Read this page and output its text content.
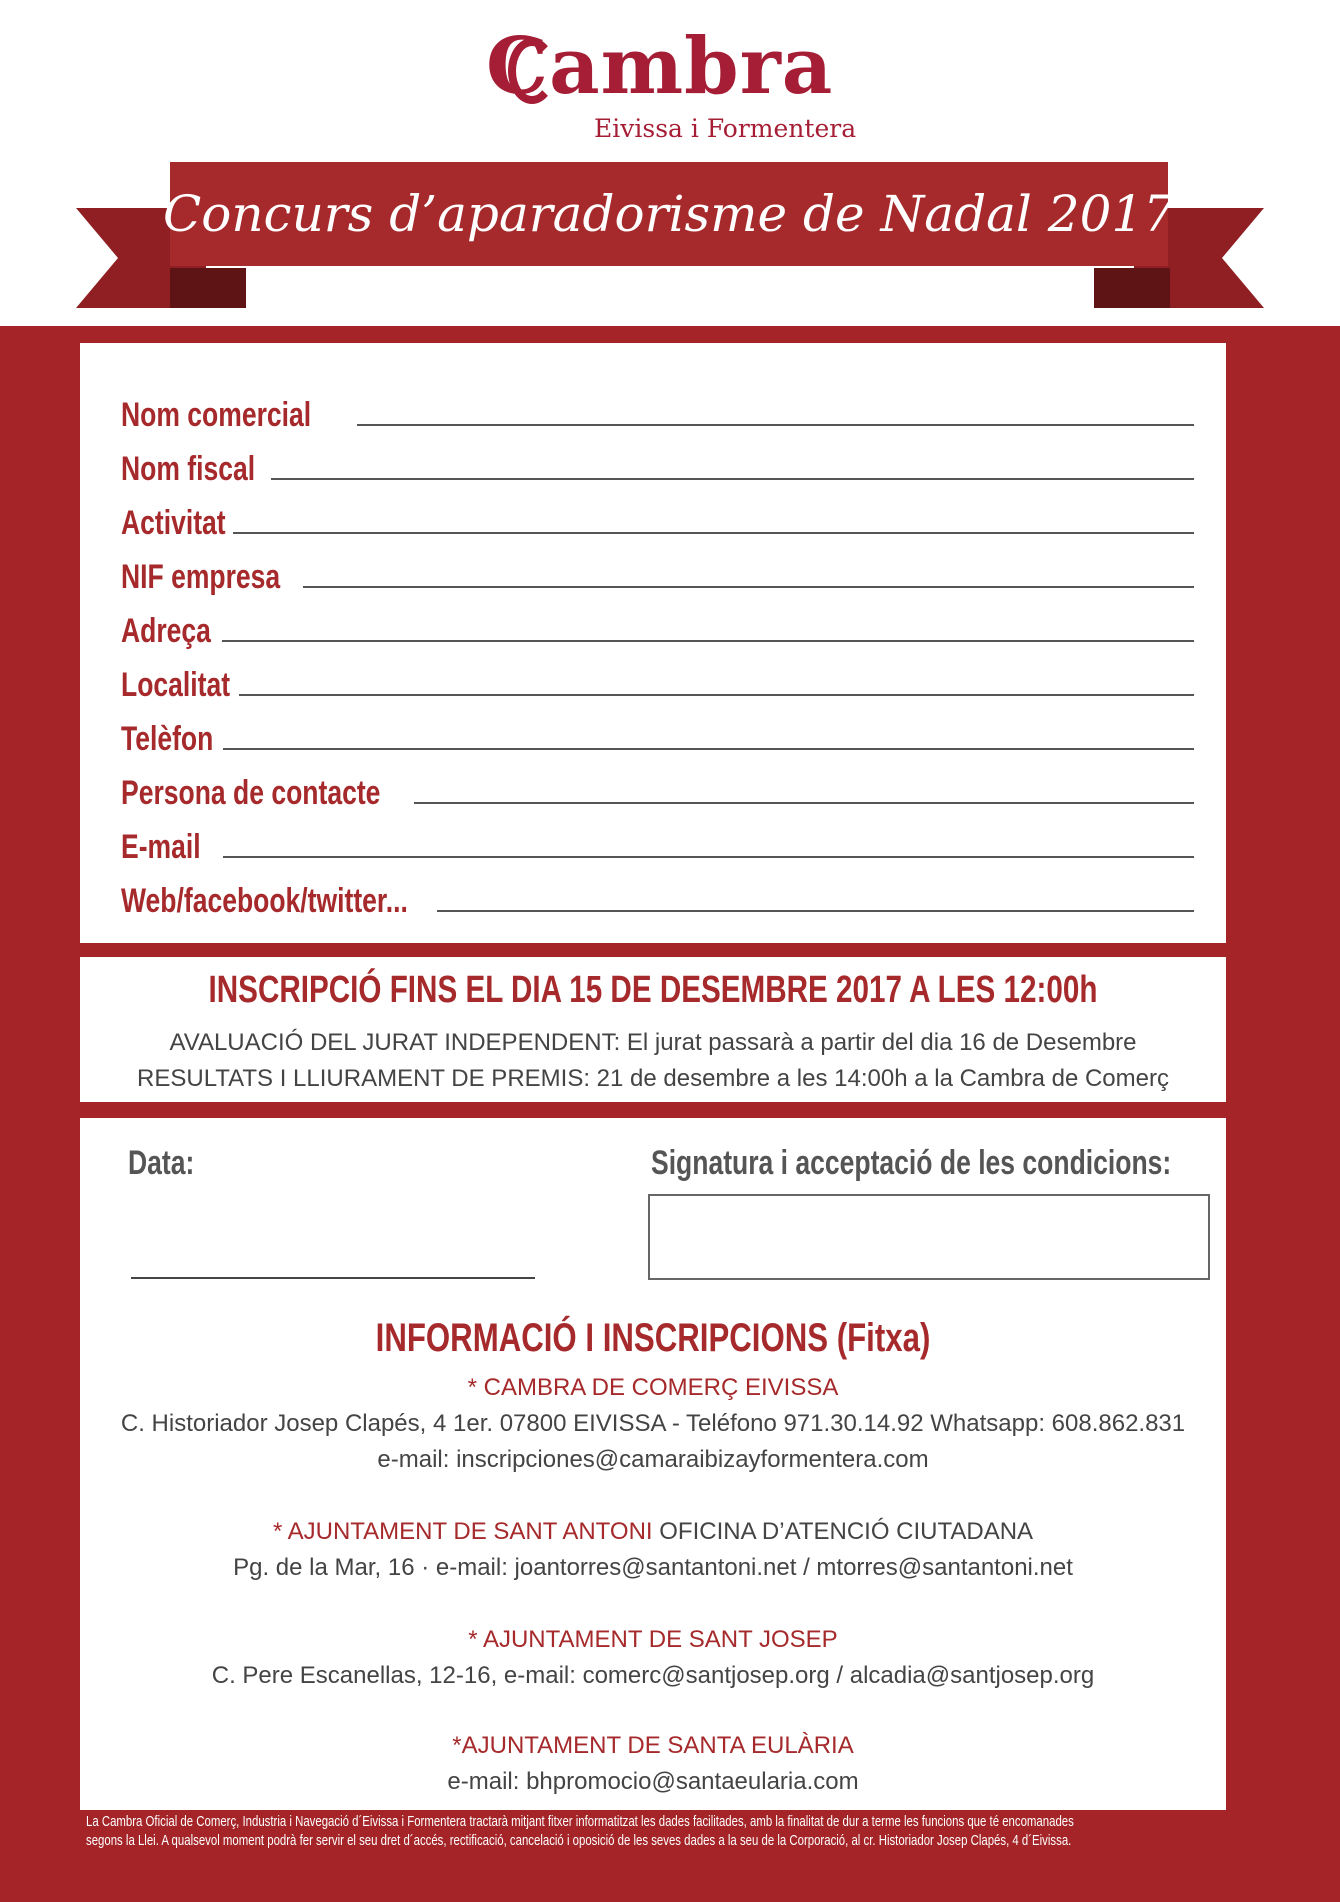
Cambra
Eivissa i Formentera
Concurs d’aparadorisme de Nadal 2017
Nom comercial
Nom fiscal
Activitat
NIF empresa
Adreça
Localitat
Telèfon
Persona de contacte
E-mail
Web/facebook/twitter...
INSCRIPCIÓ FINS EL DIA 15 DE DESEMBRE 2017 A LES 12:00h
AVALUACIÓ DEL JURAT INDEPENDENT: El jurat passarà a partir del dia 16 de Desembre
RESULTATS I LLIURAMENT DE PREMIS: 21 de desembre a les 14:00h a la Cambra de Comerç
Data:	Signatura i acceptació de les condicions:
INFORMACIÓ I INSCRIPCIONS (Fitxa)
* CAMBRA DE COMERÇ EIVISSA
C. Historiador Josep Clapés, 4 1er. 07800 EIVISSA - Teléfono 971.30.14.92 Whatsapp: 608.862.831
e-mail: inscripciones@camaraibizayformentera.com
* AJUNTAMENT DE SANT ANTONI OFICINA D’ATENCIÓ CIUTADANA
Pg. de la Mar, 16 · e-mail: joantorres@santantoni.net / mtorres@santantoni.net
* AJUNTAMENT DE SANT JOSEP
C. Pere Escanellas, 12-16, e-mail: comerc@santjosep.org / alcadia@santjosep.org
*AJUNTAMENT DE SANTA EULÀRIA
e-mail: bhpromocio@santaeularia.com
La Cambra Oficial de Comerç, Industria i Navegació d´Eivissa i Formentera tractarà mitjant fitxer informatitzat les dades facilitades, amb la finalitat de dur a terme les funcions que té encomanades
segons la Llei. A qualsevol moment podrà fer servir el seu dret d´accés, rectificació, cancelació i oposició de les seves dades a la seu de la Corporació, al cr. Historiador Josep Clapés, 4 d´Eivissa.
